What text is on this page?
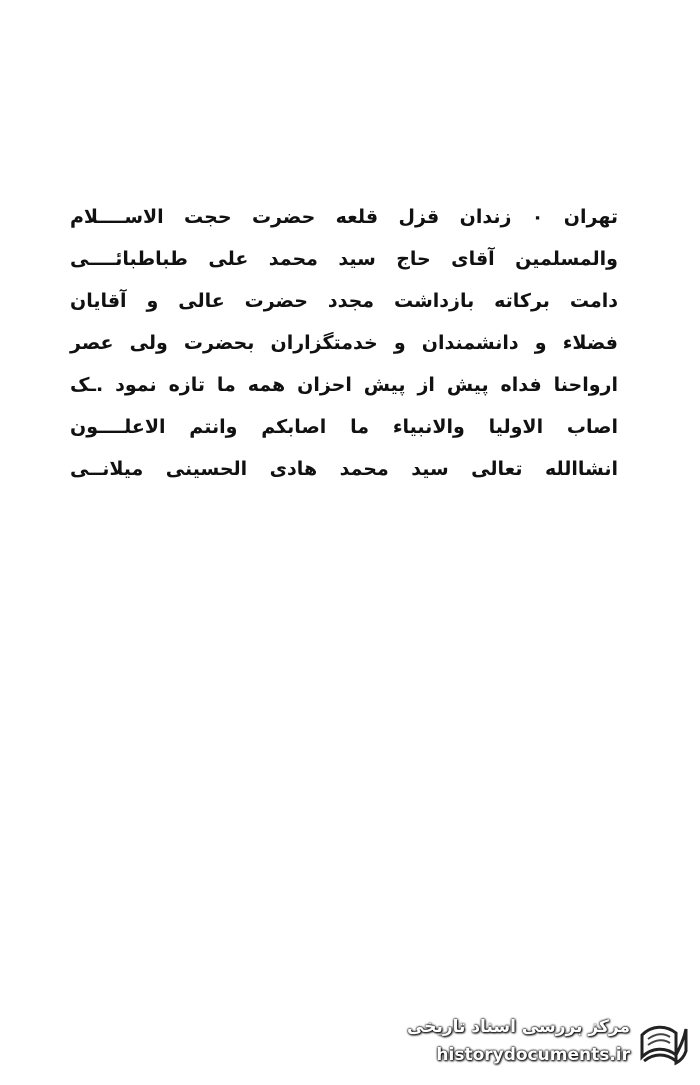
تهران ۰ زندان قزل قلعه حضرت حجت الاســــلام
والمسلمین آقای حاج سید محمد علی طباطبائــــی
دامت برکاته بازداشت مجدد حضرت عالی و آقایان
فضلاء و دانشمندان و خدمتگزاران بحضرت ولی عصر
ارواحنا فداه پیش از پیش احزان همه ما تازه نمود .ـک
اصاب الاولیا والانبیاء ما اصابکم وانتم الاعلــــون
انشاالله تعالی سید محمد هادی الحسینی میلانــی
مرکز بررسی اسناد تاریخی
historydocuments.ir
